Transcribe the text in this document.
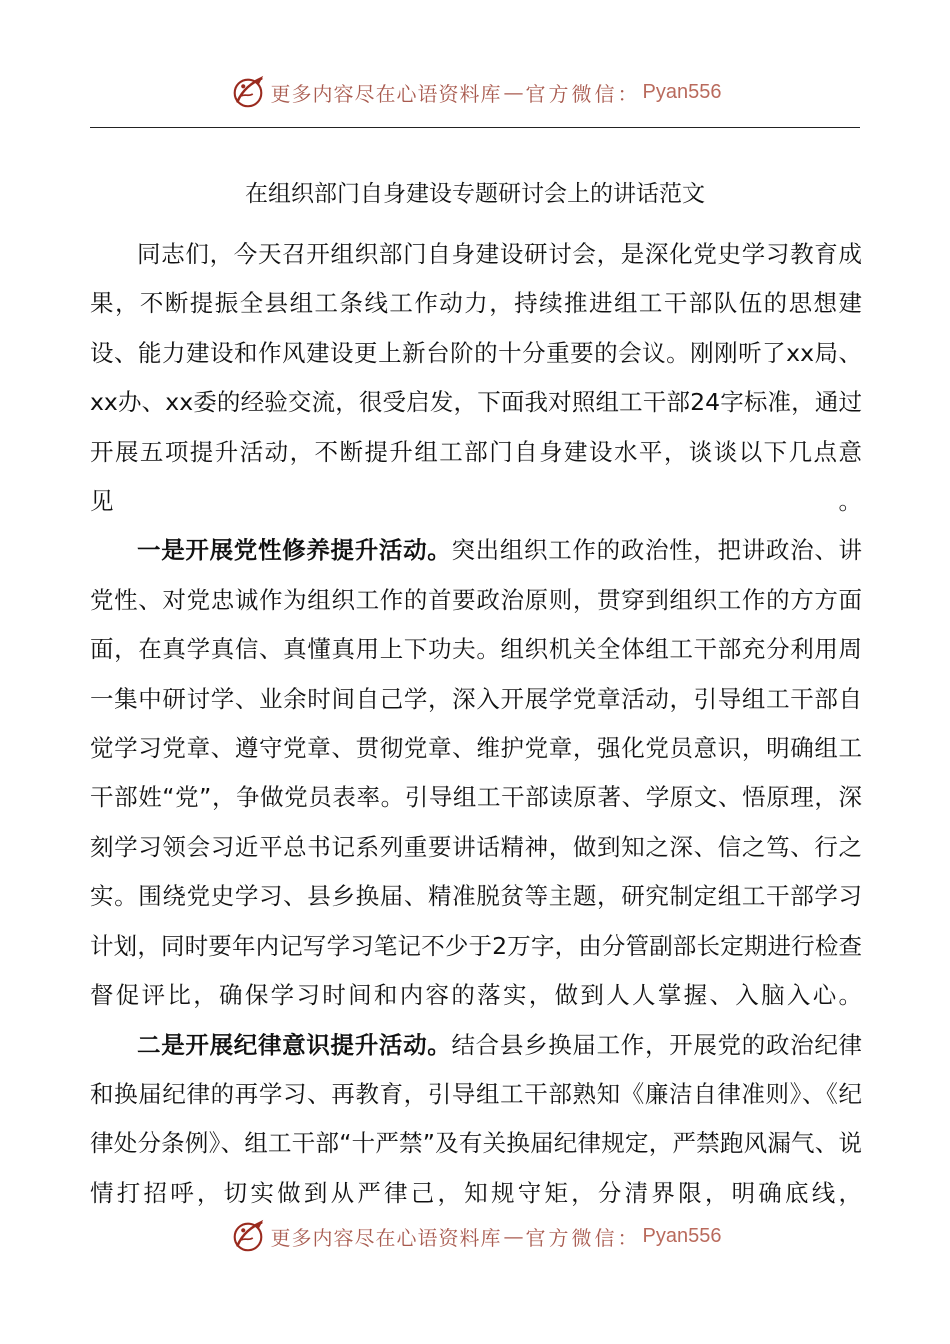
更多内容尽在心语资料库 — 官方微信： Pyan556
在组织部门自身建设专题研讨会上的讲话范文

同志们，今天召开组织部门自身建设研讨会，是深化党史学习教育成果，不断提振全县组工条线工作动力，持续推进组工干部队伍的思想建设、能力建设和作风建设更上新台阶的十分重要的会议。刚刚听了xx局、xx办、xx委的经验交流，很受启发，下面我对照组工干部24字标准，通过开展五项提升活动，不断提升组工部门自身建设水平，谈谈以下几点意见。

一是开展党性修养提升活动。突出组织工作的政治性，把讲政治、讲党性、对党忠诚作为组织工作的首要政治原则，贯穿到组织工作的方方面面，在真学真信、真懂真用上下功夫。组织机关全体组工干部充分利用周一集中研讨学、业余时间自己学，深入开展学党章活动，引导组工干部自觉学习党章、遵守党章、贯彻党章、维护党章，强化党员意识，明确组工干部姓“党”，争做党员表率。引导组工干部读原著、学原文、悟原理，深刻学习领会习近平总书记系列重要讲话精神，做到知之深、信之笃、行之实。围绕党史学习、县乡换届、精准脱贫等主题，研究制定组工干部学习计划，同时要年内记写学习笔记不少于2万字，由分管副部长定期进行检查督促评比，确保学习时间和内容的落实，做到人人掌握、入脑入心。

二是开展纪律意识提升活动。结合县乡换届工作，开展党的政治纪律和换届纪律的再学习、再教育，引导组工干部熟知《廉洁自律准则》、《纪律处分条例》、组工干部“十严禁”及有关换届纪律规定，严禁跑风漏气、说情打招呼，切实做到从严律己，知规守矩，分清界限，明确底线，

更多内容尽在心语资料库 — 官方微信： Pyan556
